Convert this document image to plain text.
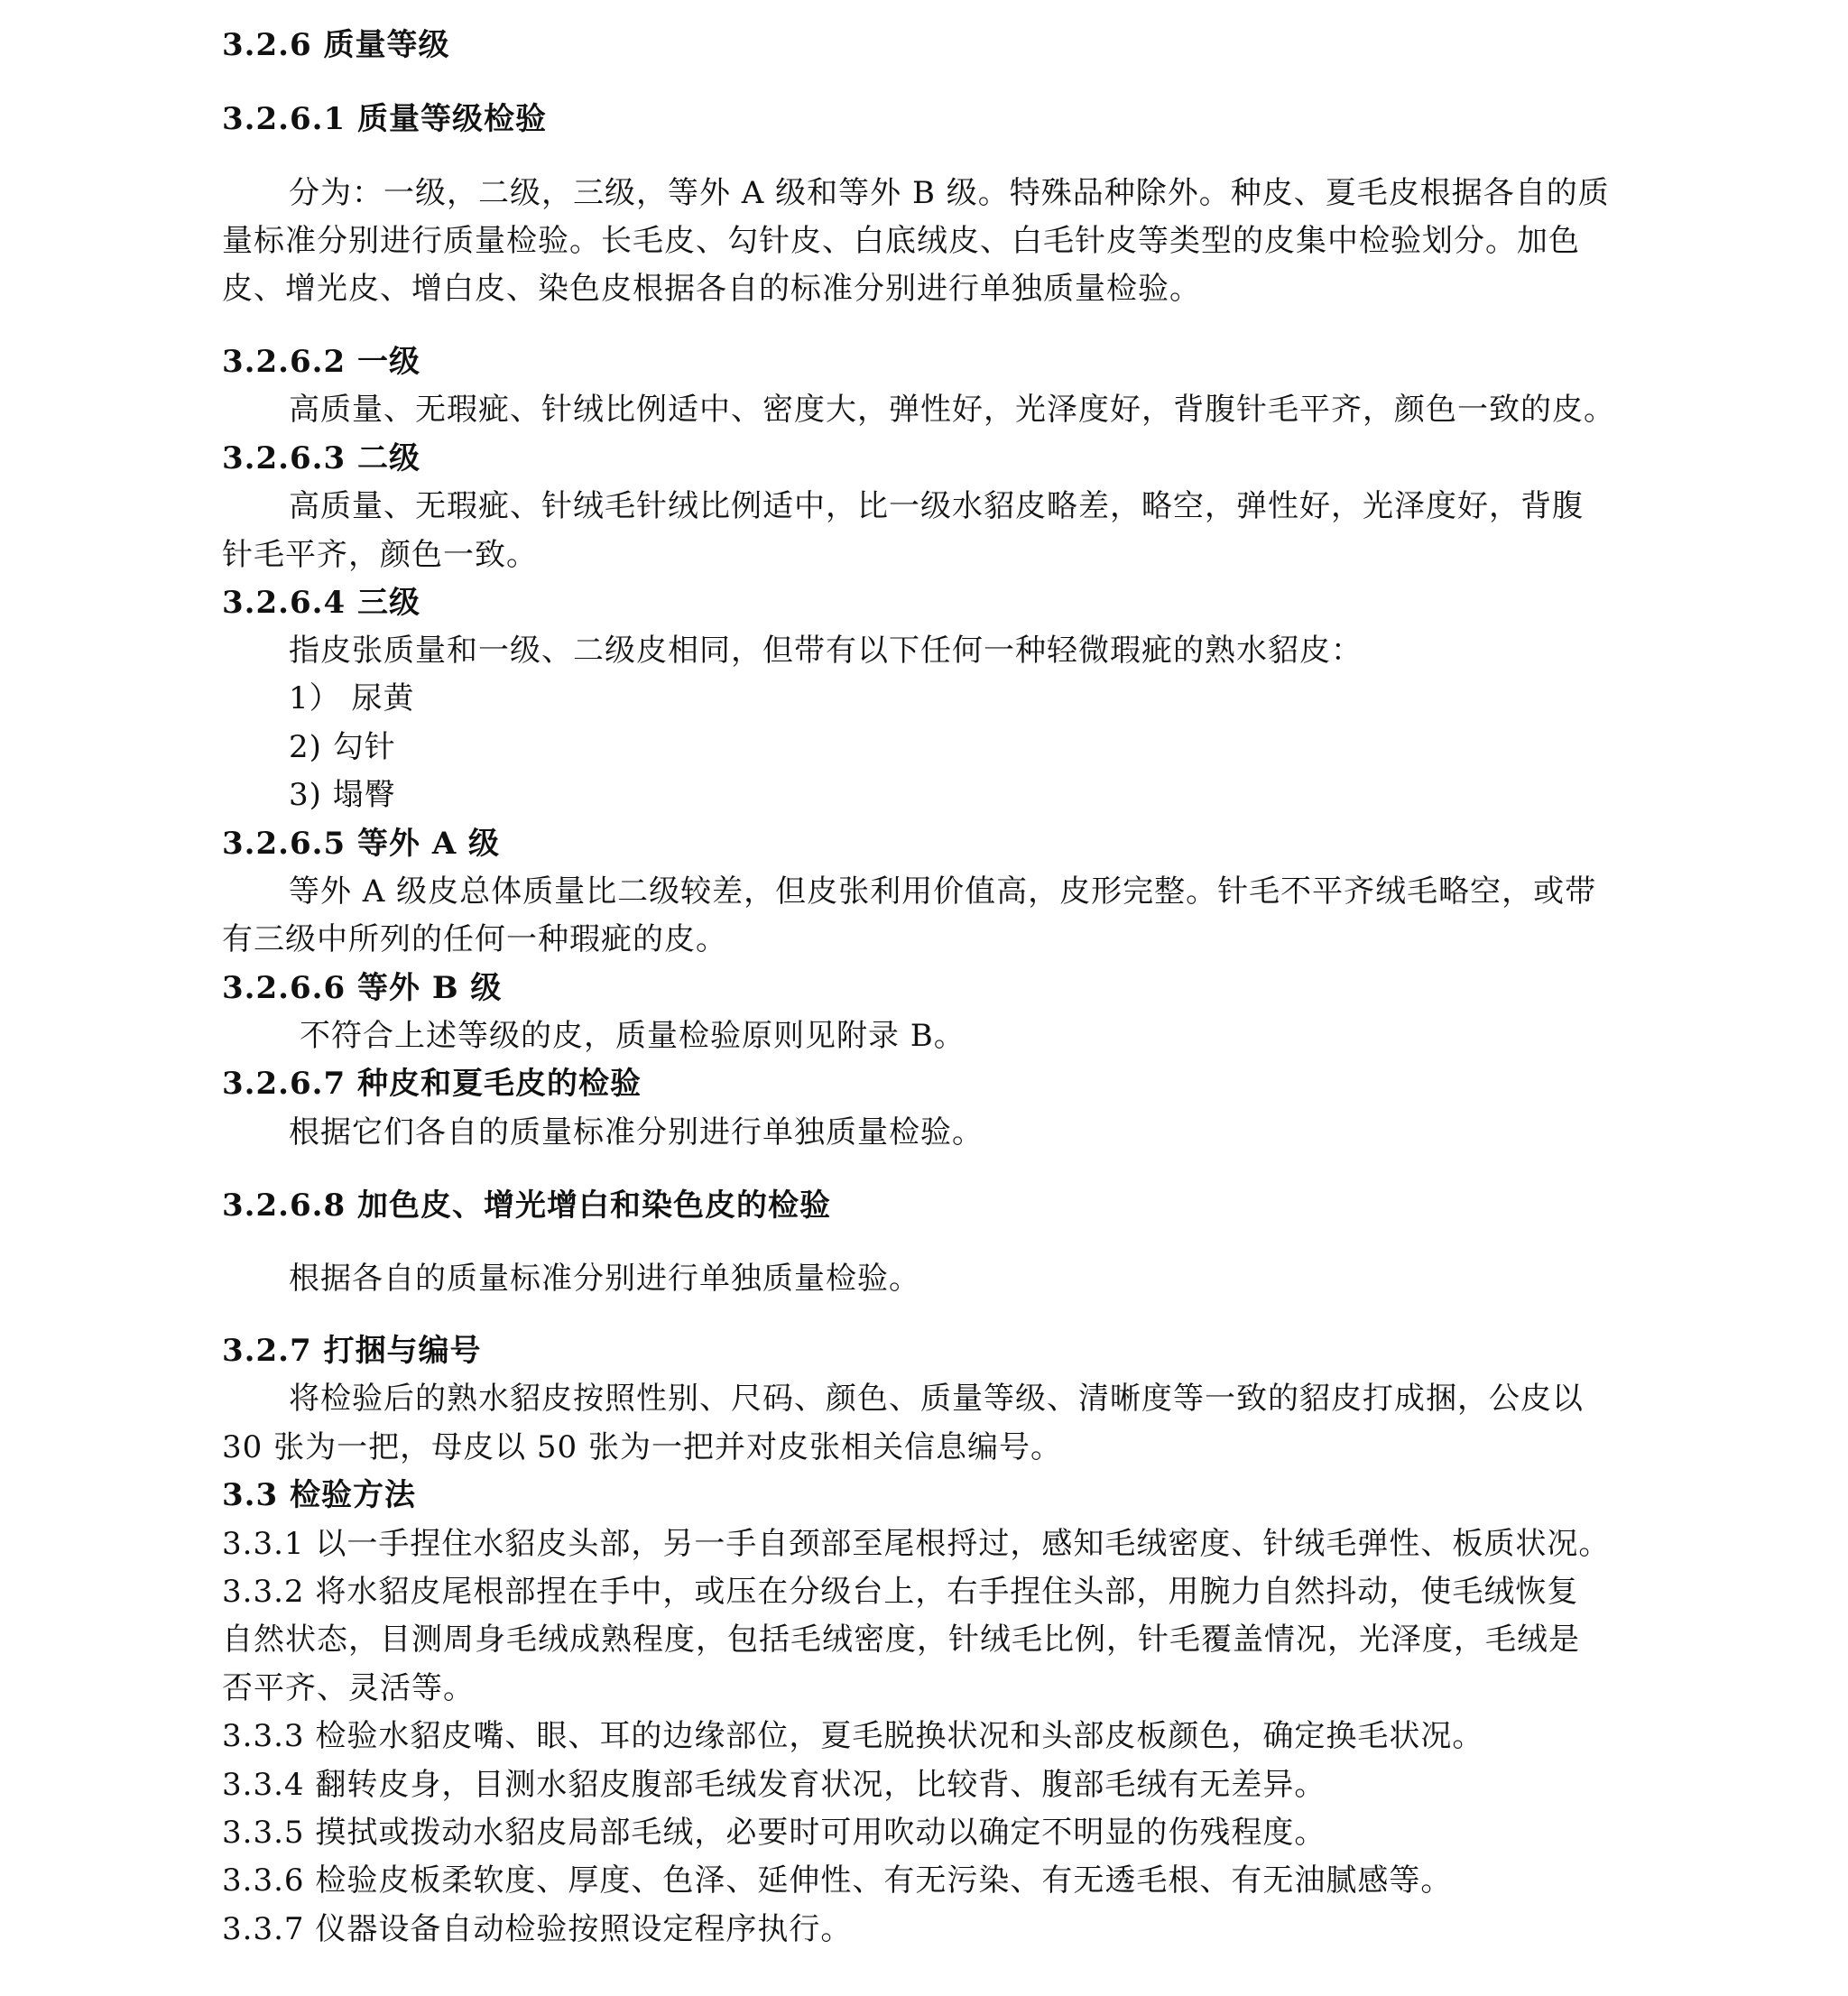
3.2.6 质量等级
3.2.6.1 质量等级检验
分为：一级，二级，三级，等外 A 级和等外 B 级。特殊品种除外。种皮、夏毛皮根据各自的质
量标准分别进行质量检验。长毛皮、勾针皮、白底绒皮、白毛针皮等类型的皮集中检验划分。加色
皮、增光皮、增白皮、染色皮根据各自的标准分别进行单独质量检验。
3.2.6.2 一级
高质量、无瑕疵、针绒比例适中、密度大，弹性好，光泽度好，背腹针毛平齐，颜色一致的皮。
3.2.6.3 二级
高质量、无瑕疵、针绒毛针绒比例适中，比一级水貂皮略差，略空，弹性好，光泽度好，背腹
针毛平齐，颜色一致。
3.2.6.4 三级
指皮张质量和一级、二级皮相同，但带有以下任何一种轻微瑕疵的熟水貂皮：
1） 尿黄
2) 勾针
3) 塌臀
3.2.6.5 等外 A 级
等外 A 级皮总体质量比二级较差，但皮张利用价值高，皮形完整。针毛不平齐绒毛略空，或带
有三级中所列的任何一种瑕疵的皮。
3.2.6.6 等外 B 级
不符合上述等级的皮，质量检验原则见附录 B。
3.2.6.7 种皮和夏毛皮的检验
根据它们各自的质量标准分别进行单独质量检验。
3.2.6.8 加色皮、增光增白和染色皮的检验
根据各自的质量标准分别进行单独质量检验。
3.2.7 打捆与编号
将检验后的熟水貂皮按照性别、尺码、颜色、质量等级、清晰度等一致的貂皮打成捆，公皮以
30 张为一把，母皮以 50 张为一把并对皮张相关信息编号。
3.3 检验方法
3.3.1 以一手捏住水貂皮头部，另一手自颈部至尾根捋过，感知毛绒密度、针绒毛弹性、板质状况。
3.3.2 将水貂皮尾根部捏在手中，或压在分级台上，右手捏住头部，用腕力自然抖动，使毛绒恢复
自然状态，目测周身毛绒成熟程度，包括毛绒密度，针绒毛比例，针毛覆盖情况，光泽度，毛绒是
否平齐、灵活等。
3.3.3 检验水貂皮嘴、眼、耳的边缘部位，夏毛脱换状况和头部皮板颜色，确定换毛状况。
3.3.4 翻转皮身，目测水貂皮腹部毛绒发育状况，比较背、腹部毛绒有无差异。
3.3.5 摸拭或拨动水貂皮局部毛绒，必要时可用吹动以确定不明显的伤残程度。
3.3.6 检验皮板柔软度、厚度、色泽、延伸性、有无污染、有无透毛根、有无油腻感等。
3.3.7 仪器设备自动检验按照设定程序执行。
